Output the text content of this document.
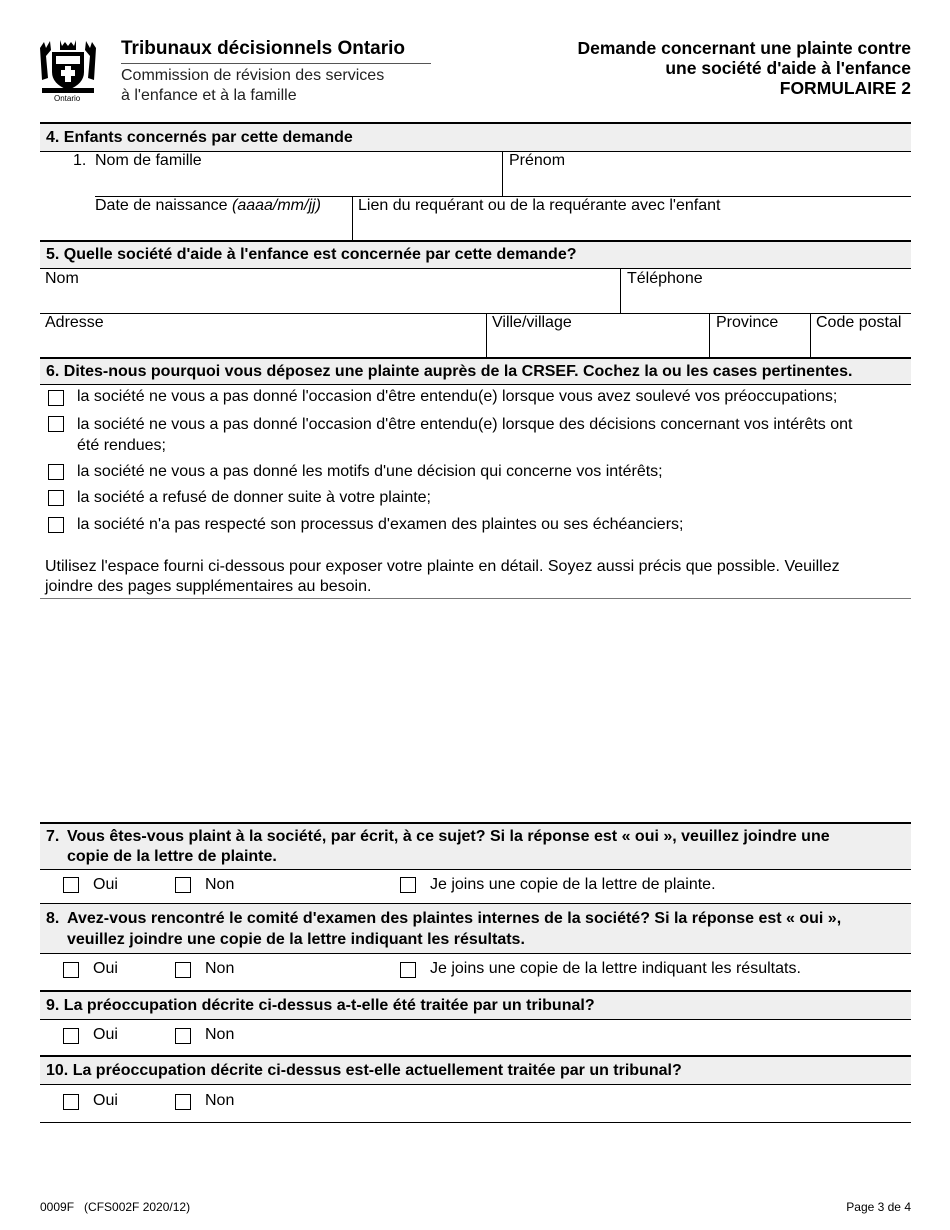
Ontario
Tribunaux décisionnels Ontario
Commission de révision des services
à l'enfance et à la famille
Demande concernant une plainte contre
une société d'aide à l'enfance
FORMULAIRE 2
4. Enfants concernés par cette demande
1. Nom de famille	Prénom
Date de naissance (aaaa/mm/jj) Lien du requérant ou de la requérante avec l'enfant
5. Quelle société d'aide à l'enfance est concernée par cette demande?
Nom	Téléphone
Adresse	Ville/village	Province Code postal
6. Dites-nous pourquoi vous déposez une plainte auprès de la CRSEF. Cochez la ou les cases pertinentes.
la société ne vous a pas donné l'occasion d'être entendu(e) lorsque vous avez soulevé vos préoccupations;
la société ne vous a pas donné l'occasion d'être entendu(e) lorsque des décisions concernant vos intérêts ont
été rendues;
la société ne vous a pas donné les motifs d'une décision qui concerne vos intérêts;
la société a refusé de donner suite à votre plainte;
la société n'a pas respecté son processus d'examen des plaintes ou ses échéanciers;
Utilisez l'espace fourni ci-dessous pour exposer votre plainte en détail. Soyez aussi précis que possible. Veuillez
joindre des pages supplémentaires au besoin.
7. Vous êtes-vous plaint à la société, par écrit, à ce sujet? Si la réponse est « oui », veuillez joindre une
copie de la lettre de plainte.
Oui	Non	Je joins une copie de la lettre de plainte.
8. Avez-vous rencontré le comité d'examen des plaintes internes de la société? Si la réponse est « oui »,
veuillez joindre une copie de la lettre indiquant les résultats.
Oui	Non	Je joins une copie de la lettre indiquant les résultats.
9. La préoccupation décrite ci-dessus a-t-elle été traitée par un tribunal?
Oui	Non
10. La préoccupation décrite ci-dessus est-elle actuellement traitée par un tribunal?
Oui	Non
0009F   (CFS002F 2020/12)	Page 3 de 4
